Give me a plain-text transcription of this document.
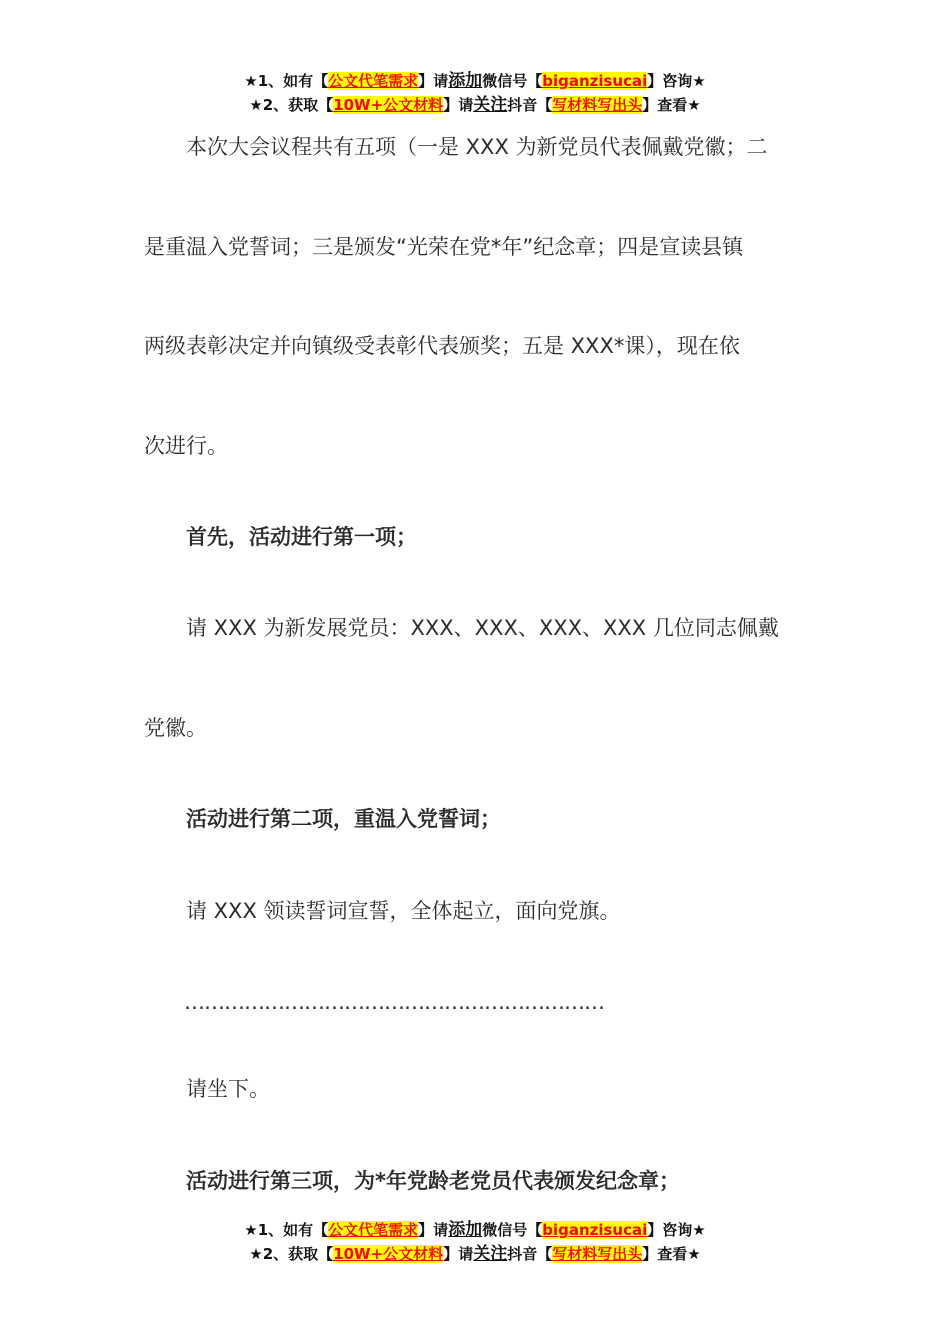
★1、如有【公文代笔需求】请添加微信号【biganzisucai】咨询★
★2、获取【10W+公文材料】请关注抖音【写材料写出头】查看★
　　本次大会议程共有五项（一是 XXX 为新党员代表佩戴党徽；二
是重温入党誓词；三是颁发“光荣在党*年”纪念章；四是宣读县镇
两级表彰决定并向镇级受表彰代表颁奖；五是 XXX*课），现在依
次进行。
　　首先，活动进行第一项；
　　请 XXX 为新发展党员：XXX、XXX、XXX、XXX 几位同志佩戴
党徽。
　　活动进行第二项，重温入党誓词；
　　请 XXX 领读誓词宣誓，全体起立，面向党旗。
　　………………………………………………………
　　请坐下。
　　活动进行第三项，为*年党龄老党员代表颁发纪念章；
★1、如有【公文代笔需求】请添加微信号【biganzisucai】咨询★
★2、获取【10W+公文材料】请关注抖音【写材料写出头】查看★
